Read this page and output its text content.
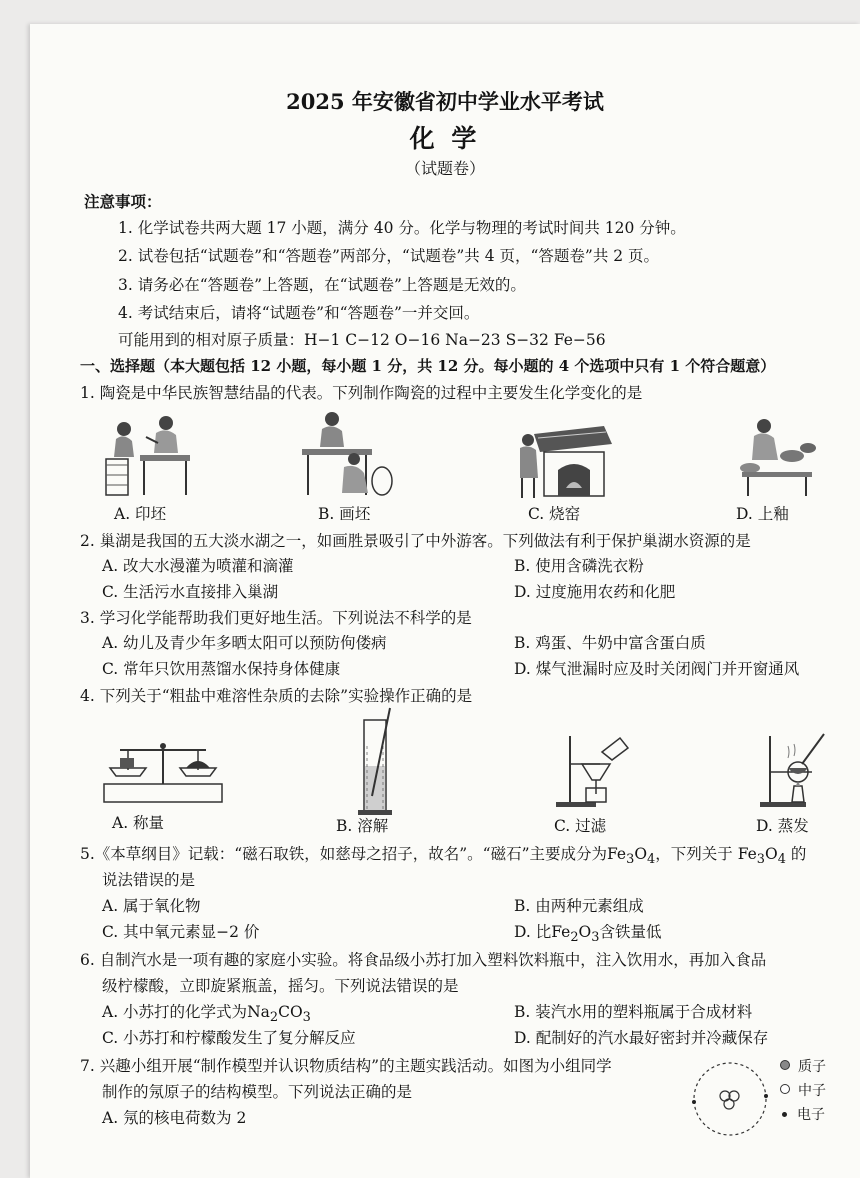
2025 年安徽省初中学业水平考试
化 学
（试题卷）
注意事项：
1. 化学试卷共两大题 17 小题，满分 40 分。化学与物理的考试时间共 120 分钟。
2. 试卷包括“试题卷”和“答题卷”两部分，“试题卷”共 4 页，“答题卷”共 2 页。
3. 请务必在“答题卷”上答题，在“试题卷”上答题是无效的。
4. 考试结束后，请将“试题卷”和“答题卷”一并交回。
可能用到的相对原子质量：H−1 C−12 O−16 Na−23 S−32 Fe−56
一、选择题（本大题包括 12 小题，每小题 1 分，共 12 分。每小题的 4 个选项中只有 1 个符合题意）
1. 陶瓷是中华民族智慧结晶的代表。下列制作陶瓷的过程中主要发生化学变化的是
A. 印坯	B. 画坯	C. 烧窑	D. 上釉
2. 巢湖是我国的五大淡水湖之一，如画胜景吸引了中外游客。下列做法有利于保护巢湖水资源的是
A. 改大水漫灌为喷灌和滴灌	B. 使用含磷洗衣粉
C. 生活污水直接排入巢湖	D. 过度施用农药和化肥
3. 学习化学能帮助我们更好地生活。下列说法不科学的是
A. 幼儿及青少年多晒太阳可以预防佝偻病	B. 鸡蛋、牛奶中富含蛋白质
C. 常年只饮用蒸馏水保持身体健康	D. 煤气泄漏时应及时关闭阀门并开窗通风
4. 下列关于“粗盐中难溶性杂质的去除”实验操作正确的是
A. 称量	B. 溶解	C. 过滤	D. 蒸发
5.《本草纲目》记载：“磁石取铁，如慈母之招子，故名”。“磁石”主要成分为$Fe_3O_4$，下列关于 $Fe_3O_4$ 的
说法错误的是
A. 属于氧化物	B. 由两种元素组成
C. 其中氧元素显−2 价	D. 比$Fe_2O_3$含铁量低
6. 自制汽水是一项有趣的家庭小实验。将食品级小苏打加入塑料饮料瓶中，注入饮用水，再加入食品
级柠檬酸，立即旋紧瓶盖，摇匀。下列说法错误的是
A. 小苏打的化学式为$Na_2CO_3$	B. 装汽水用的塑料瓶属于合成材料
C. 小苏打和柠檬酸发生了复分解反应	D. 配制好的汽水最好密封并冷藏保存
7. 兴趣小组开展“制作模型并认识物质结构”的主题实践活动。如图为小组同学
制作的氖原子的结构模型。下列说法正确的是
A. 氖的核电荷数为 2
质子
中子
电子
